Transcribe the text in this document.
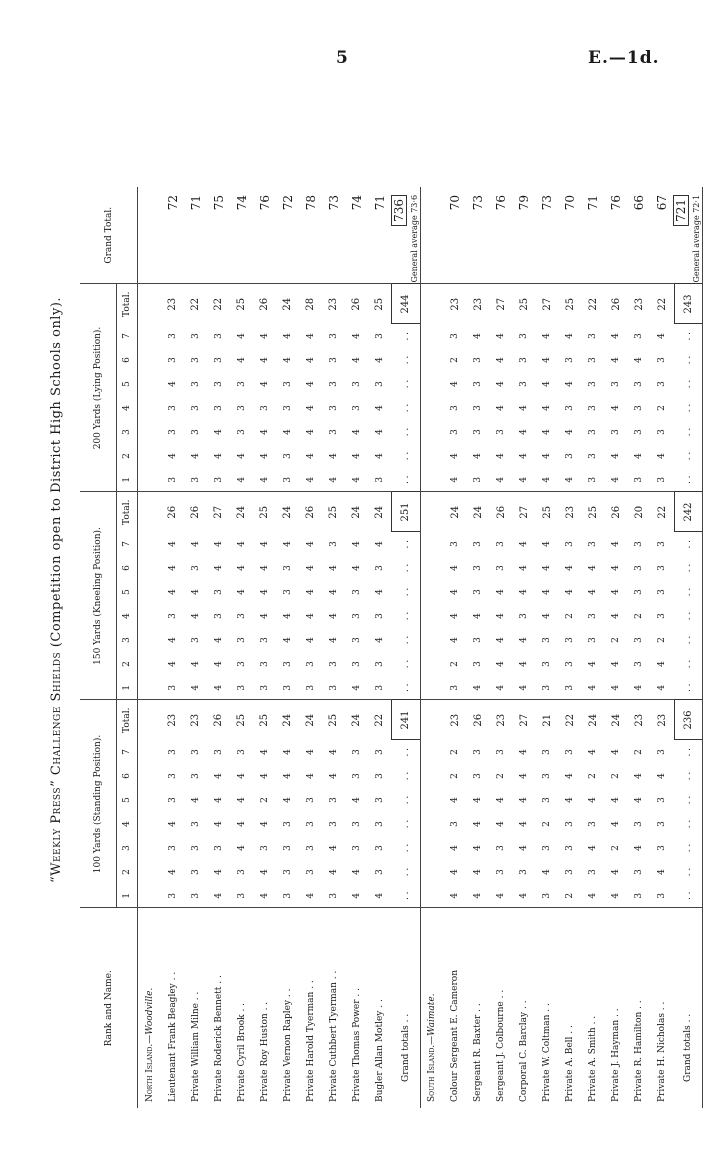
5	E.—1d.
“Weekly Press” Challenge Shields (Competition open to District High Schools only).
Rank and Name.	100 Yards (Standing Position).								150 Yards (Kneeling Position).								200 Yards (Lying Position).								Grand Total.
	1	2	3	4	5	6	7	Total.	1	2	3	4	5	6	7	Total.	1	2	3	4	5	6	7	Total.	
North Island.—Woodville.																									
Lieutenant Frank Beagley . .	3	4	3	4	3	3	3	23	3	4	4	3	4	4	4	26	3	4	3	3	4	3	3	23	72
Private William Milne . .	3	3	3	3	4	3	3	23	4	4	3	4	4	3	4	26	3	4	3	3	3	3	3	22	71
Private Roderick Bennett . .	4	4	3	4	4	4	3	26	4	4	4	3	3	4	4	27	3	4	4	3	3	3	3	22	75
Private Cyril Brook . .	3	3	4	4	4	4	3	25	3	3	3	3	4	4	4	24	4	4	3	3	3	4	4	25	74
Private Roy Huston . .	4	4	3	4	2	4	4	25	3	3	3	4	4	4	4	25	4	4	4	3	4	4	4	26	76
Private Vernon Rapley . .	3	3	3	3	4	4	4	24	3	3	4	4	3	3	4	24	3	3	4	3	3	4	4	24	72
Private Harold Tyerman . .	4	3	3	3	3	4	4	24	3	3	4	4	4	4	4	26	4	4	4	4	4	4	4	28	78
Private Cuthbert Tyerman . .	3	4	4	3	3	4	4	25	3	3	4	4	4	4	3	25	4	4	3	3	3	3	3	23	73
Private Thomas Power . .	4	4	3	3	4	3	3	24	4	3	3	3	3	4	4	24	4	4	4	3	3	4	4	26	74
Bugler Allan Motley . .	4	3	3	3	3	3	3	22	3	3	4	3	4	3	4	24	3	4	4	4	3	4	3	25	71
Grand totals . .	. .	. .	. .	. .	. .	. .	. .	241	. .	. .	. .	. .	. .	. .	. .	251	. .	. .	. .	. .	. .	. .	. .	244	736 General average 73·6
South Island.—Waimate.																									
Colour Sergeant E. Cameron	4	4	4	3	4	2	2	23	3	2	4	4	4	4	3	24	4	4	3	3	4	2	3	23	70
Sergeant R. Baxter . .	4	4	4	4	4	3	3	26	4	3	3	4	3	3	3	24	3	4	3	3	3	3	4	23	73
Sergeant J. Colbourne . .	4	3	3	4	4	2	3	23	4	4	4	4	4	3	3	26	4	4	3	4	4	4	4	27	76
Corporal C. Barclay . .	4	3	4	4	4	4	4	27	4	4	4	3	4	4	4	27	4	4	4	4	3	3	3	25	79
Private W. Coltman . .	3	4	3	2	3	3	3	21	3	3	3	4	4	4	4	25	4	4	4	4	4	4	4	27	73
Private A. Bell . .	2	3	3	3	4	4	3	22	3	3	3	2	4	4	3	23	4	3	4	3	4	3	4	25	70
Private A. Smith . .	4	3	4	3	4	2	4	24	4	4	3	3	4	4	3	25	3	3	3	3	3	3	3	22	71
Private J. Hayman . .	4	4	2	4	4	2	4	24	4	4	2	4	4	4	4	26	4	4	3	4	3	4	4	26	76
Private R. Hamilton . .	3	3	4	3	4	4	2	23	4	3	3	2	3	3	3	20	3	4	3	3	3	4	3	23	66
Private H. Nicholas . .	3	4	3	3	3	4	3	23	4	4	2	3	3	3	3	22	3	4	3	2	3	3	4	22	67
Grand totals . .	. .	. .	. .	. .	. .	. .	. .	236	. .	. .	. .	. .	. .	. .	. .	242	. .	. .	. .	. .	. .	. .	. .	243	721 General average 72·1
